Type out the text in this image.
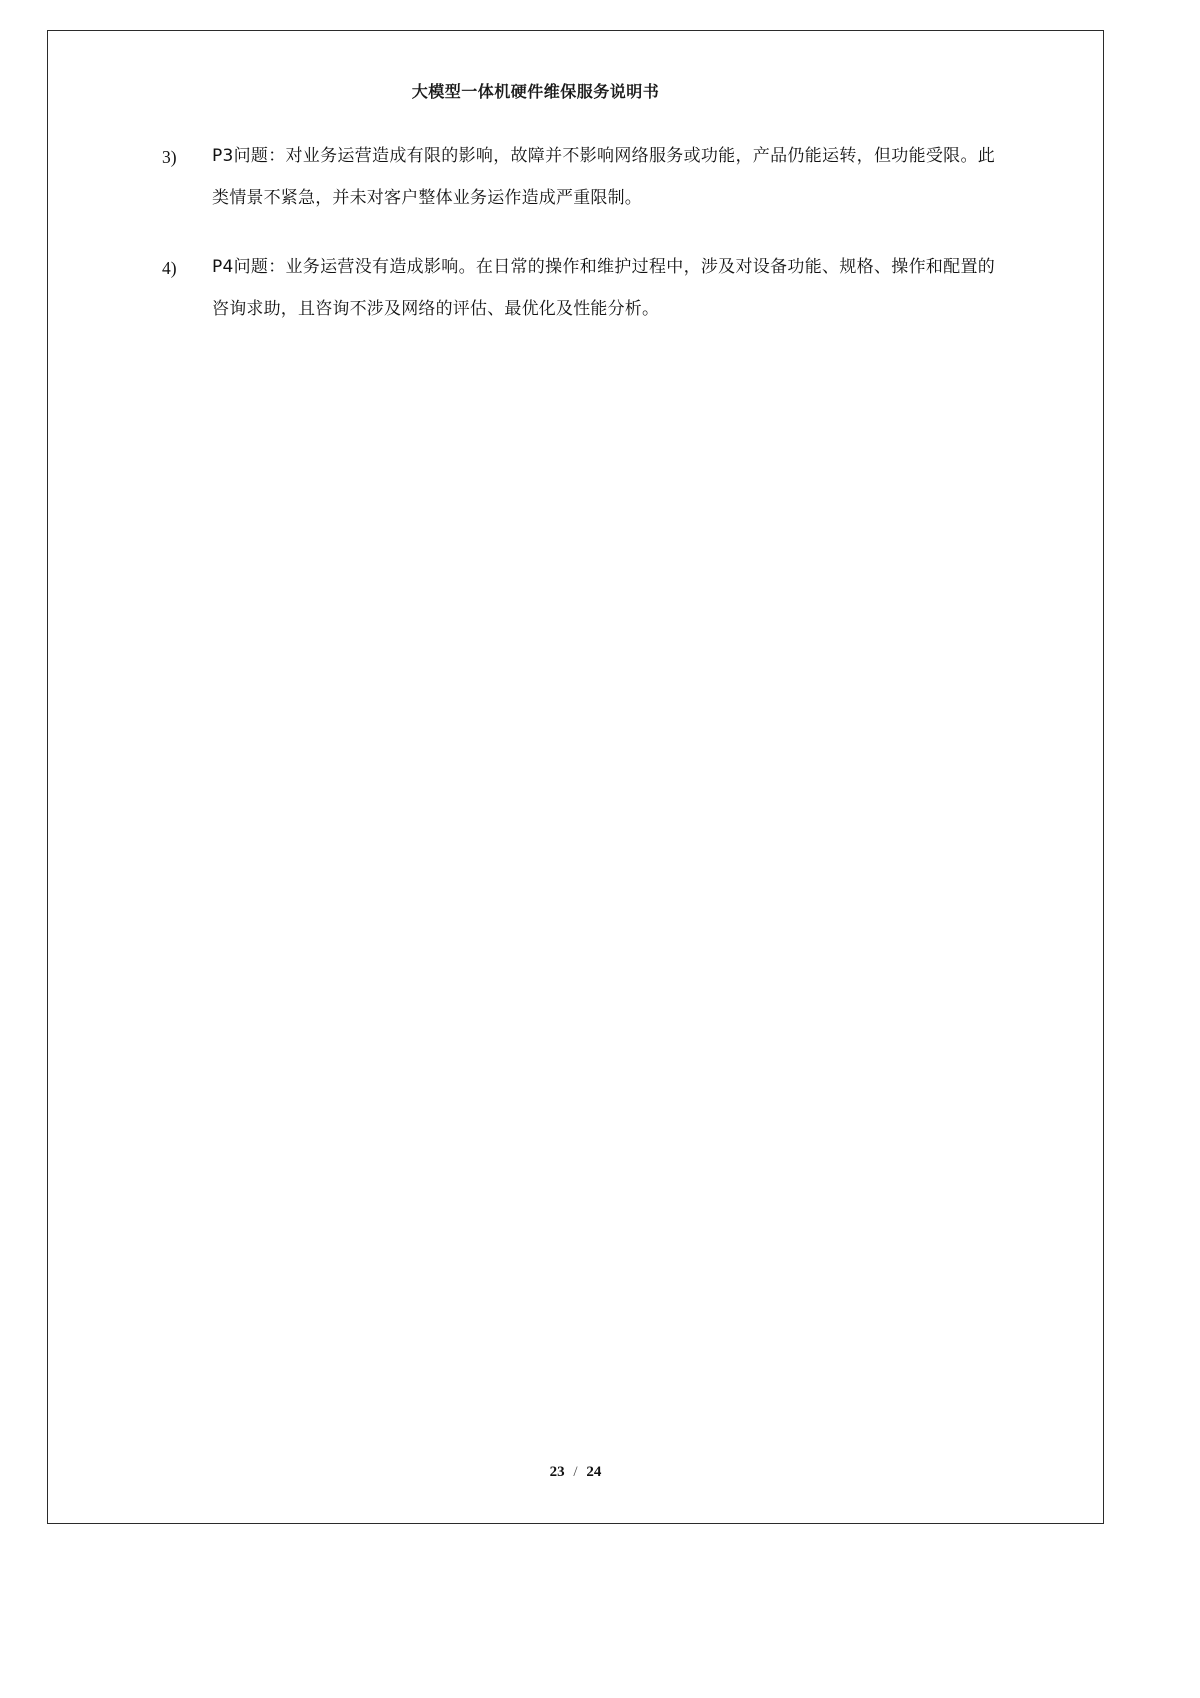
大模型一体机硬件维保服务说明书
3)	P3问题：对业务运营造成有限的影响，故障并不影响网络服务或功能，产品仍能运转，但功能受限。此类情景不紧急，并未对客户整体业务运作造成严重限制。
4)	P4问题：业务运营没有造成影响。在日常的操作和维护过程中，涉及对设备功能、规格、操作和配置的咨询求助，且咨询不涉及网络的评估、最优化及性能分析。
23 / 24
